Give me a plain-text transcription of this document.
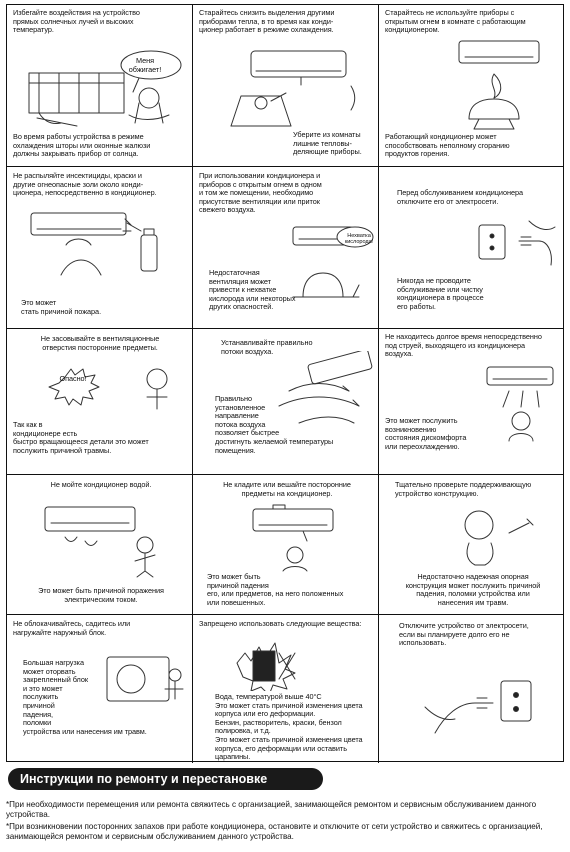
Избегайте воздействия на устройство
прямых солнечных лучей и высоких
температур.
Меня
обжигает!
Во время работы устройства в режиме
охлаждения шторы или оконные жалюзи
должны закрывать прибор от солнца.
Старайтесь снизить выделения другими
приборами тепла, в то время как конди-
ционер работает в режиме охлаждения.
Уберите из комнаты
лишние тепловы-
деляющие приборы.
Старайтесь не используйте приборы с
открытым огнем в комнате с работающим
кондиционером.
Работающий кондиционер может
способствовать неполному сгоранию
продуктов горения.
Не распыляйте инсектициды, краски и
другие огнеопасные золи около конди-
ционера, непосредственно в кондиционер.
Это может
стать причиной пожара.
При использовании кондиционера и
приборов с открытым огнем в одном
и том же помещении, необходимо
присутствие вентиляции или приток
свежего воздуха.
Нехватка
кислорода!
Недостаточная
вентиляция может
привести к нехватке
кислорода или некоторых
других опасностей.
Перед обслуживанием кондиционера
отключите его от электросети.
Никогда не проводите
обслуживание или чистку
кондиционера в процессе
его работы.
Не засовывайте в вентиляционные
отверстия посторонние предметы.
Опасно!
Так как в
кондиционере есть
быстро вращающееся детали это может
послужить причиной травмы.
Устанавливайте правильно
потоки воздуха.
Правильно
установленное
направление
потока воздуха
позволяет быстрее
достигнуть желаемой температуры
помещения.
Не находитесь долгое время непосредственно
под струей, выходящего из кондиционера
воздуха.
Это может послужить
возникновению
состояния дискомфорта
или переохлаждению.
Не мойте кондиционер водой.
Это может быть причиной поражения
электрическим током.
Не кладите или вешайте посторонние
предметы на кондиционер.
Это может быть
причиной падения
его, или предметов, на него положенных
или повешенных.
Тщательно проверьте поддерживающую
устройство конструкцию.
Недостаточно надежная опорная
конструкция может послужить причиной
падения, поломки устройства или
нанесения им травм.
Не облокачивайтесь, садитесь или
нагружайте наружный блок.
Большая нагрузка
может оторвать
закрепленный блок
и это может
послужить
причиной
падения,
поломки
устройства или нанесения им травм.
Запрещено использовать следующие вещества:
Вода, температурой выше 40°С
Это может стать причиной изменения цвета
корпуса или его деформации.
Бензин, растворитель, краски, бензол
полировка, и т.д.
Это может стать причиной изменения цвета
корпуса, его деформации или оставить
царапины.
Отключите устройство от электросети,
если вы планируете долго его не
использовать.
Инструкции по ремонту и перестановке
*При необходимости перемещения или ремонта свяжитесь с организацией, занимающейся ремонтом и сервисным обслуживанием данного устройства.
*При возникновении посторонних запахов при работе кондиционера, остановите и отключите от сети устройство и свяжитесь с организацией, занимающейся ремонтом и сервисным обслуживанием данного устройства.
